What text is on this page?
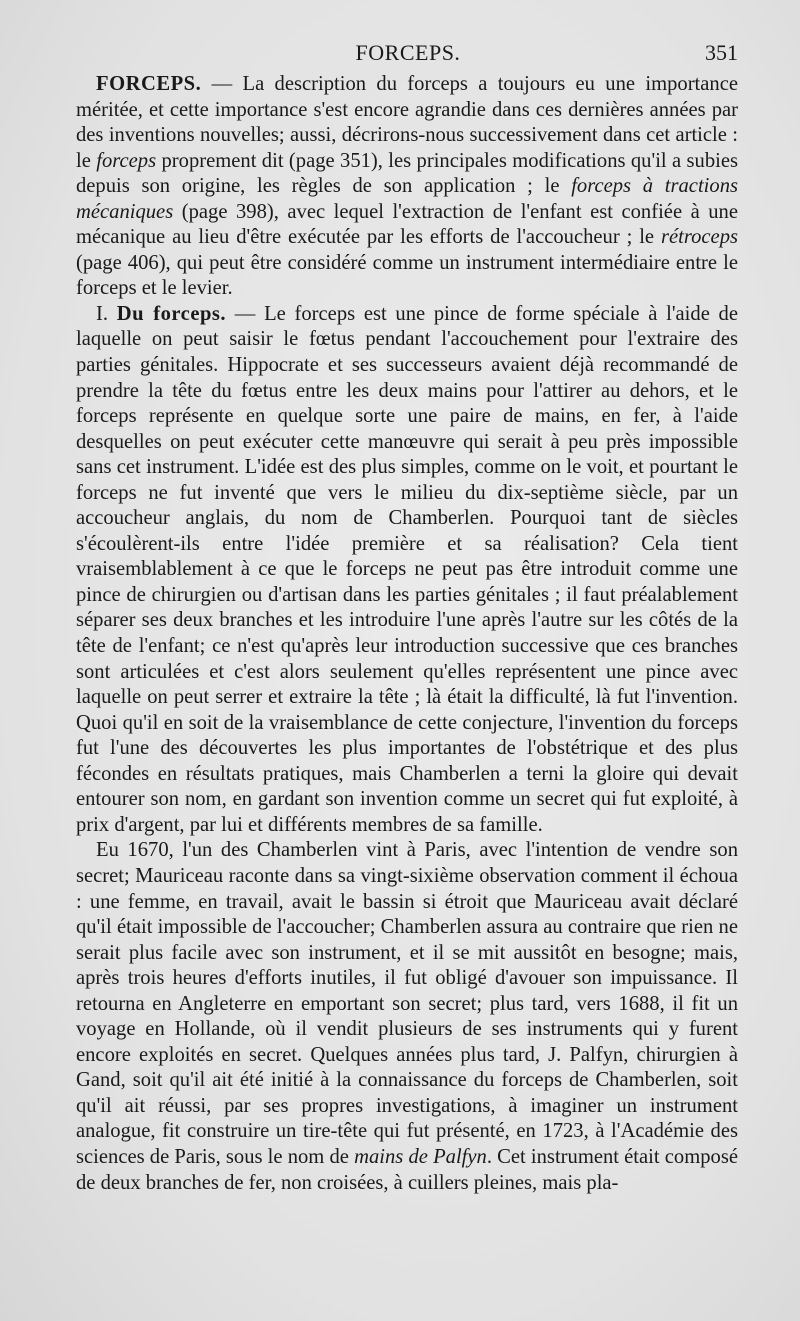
FORCEPS.	351

FORCEPS. — La description du forceps a toujours eu une importance méritée, et cette importance s'est encore agrandie dans ces dernières années par des inventions nouvelles; aussi, décrirons-nous successivement dans cet article : le forceps proprement dit (page 351), les principales modifications qu'il a subies depuis son origine, les règles de son application ; le forceps à tractions mécaniques (page 398), avec lequel l'extraction de l'enfant est confiée à une mécanique au lieu d'être exécutée par les efforts de l'accoucheur ; le rétroceps (page 406), qui peut être considéré comme un instrument intermédiaire entre le forceps et le levier.

I. Du forceps. — Le forceps est une pince de forme spéciale à l'aide de laquelle on peut saisir le fœtus pendant l'accouchement pour l'extraire des parties génitales. Hippocrate et ses successeurs avaient déjà recommandé de prendre la tête du fœtus entre les deux mains pour l'attirer au dehors, et le forceps représente en quelque sorte une paire de mains, en fer, à l'aide desquelles on peut exécuter cette manœuvre qui serait à peu près impossible sans cet instrument. L'idée est des plus simples, comme on le voit, et pourtant le forceps ne fut inventé que vers le milieu du dix-septième siècle, par un accoucheur anglais, du nom de Chamberlen. Pourquoi tant de siècles s'écoulèrent-ils entre l'idée première et sa réalisation? Cela tient vraisemblablement à ce que le forceps ne peut pas être introduit comme une pince de chirurgien ou d'artisan dans les parties génitales ; il faut préalablement séparer ses deux branches et les introduire l'une après l'autre sur les côtés de la tête de l'enfant; ce n'est qu'après leur introduction successive que ces branches sont articulées et c'est alors seulement qu'elles représentent une pince avec laquelle on peut serrer et extraire la tête ; là était la difficulté, là fut l'invention. Quoi qu'il en soit de la vraisemblance de cette conjecture, l'invention du forceps fut l'une des découvertes les plus importantes de l'obstétrique et des plus fécondes en résultats pratiques, mais Chamberlen a terni la gloire qui devait entourer son nom, en gardant son invention comme un secret qui fut exploité, à prix d'argent, par lui et différents membres de sa famille.

Eu 1670, l'un des Chamberlen vint à Paris, avec l'intention de vendre son secret; Mauriceau raconte dans sa vingt-sixième observation comment il échoua : une femme, en travail, avait le bassin si étroit que Mauriceau avait déclaré qu'il était impossible de l'accoucher; Chamberlen assura au contraire que rien ne serait plus facile avec son instrument, et il se mit aussitôt en besogne; mais, après trois heures d'efforts inutiles, il fut obligé d'avouer son impuissance. Il retourna en Angleterre en emportant son secret; plus tard, vers 1688, il fit un voyage en Hollande, où il vendit plusieurs de ses instruments qui y furent encore exploités en secret. Quelques années plus tard, J. Palfyn, chirurgien à Gand, soit qu'il ait été initié à la connaissance du forceps de Chamberlen, soit qu'il ait réussi, par ses propres investigations, à imaginer un instrument analogue, fit construire un tire-tête qui fut présenté, en 1723, à l'Académie des sciences de Paris, sous le nom de mains de Palfyn. Cet instrument était composé de deux branches de fer, non croisées, à cuillers pleines, mais pla-
